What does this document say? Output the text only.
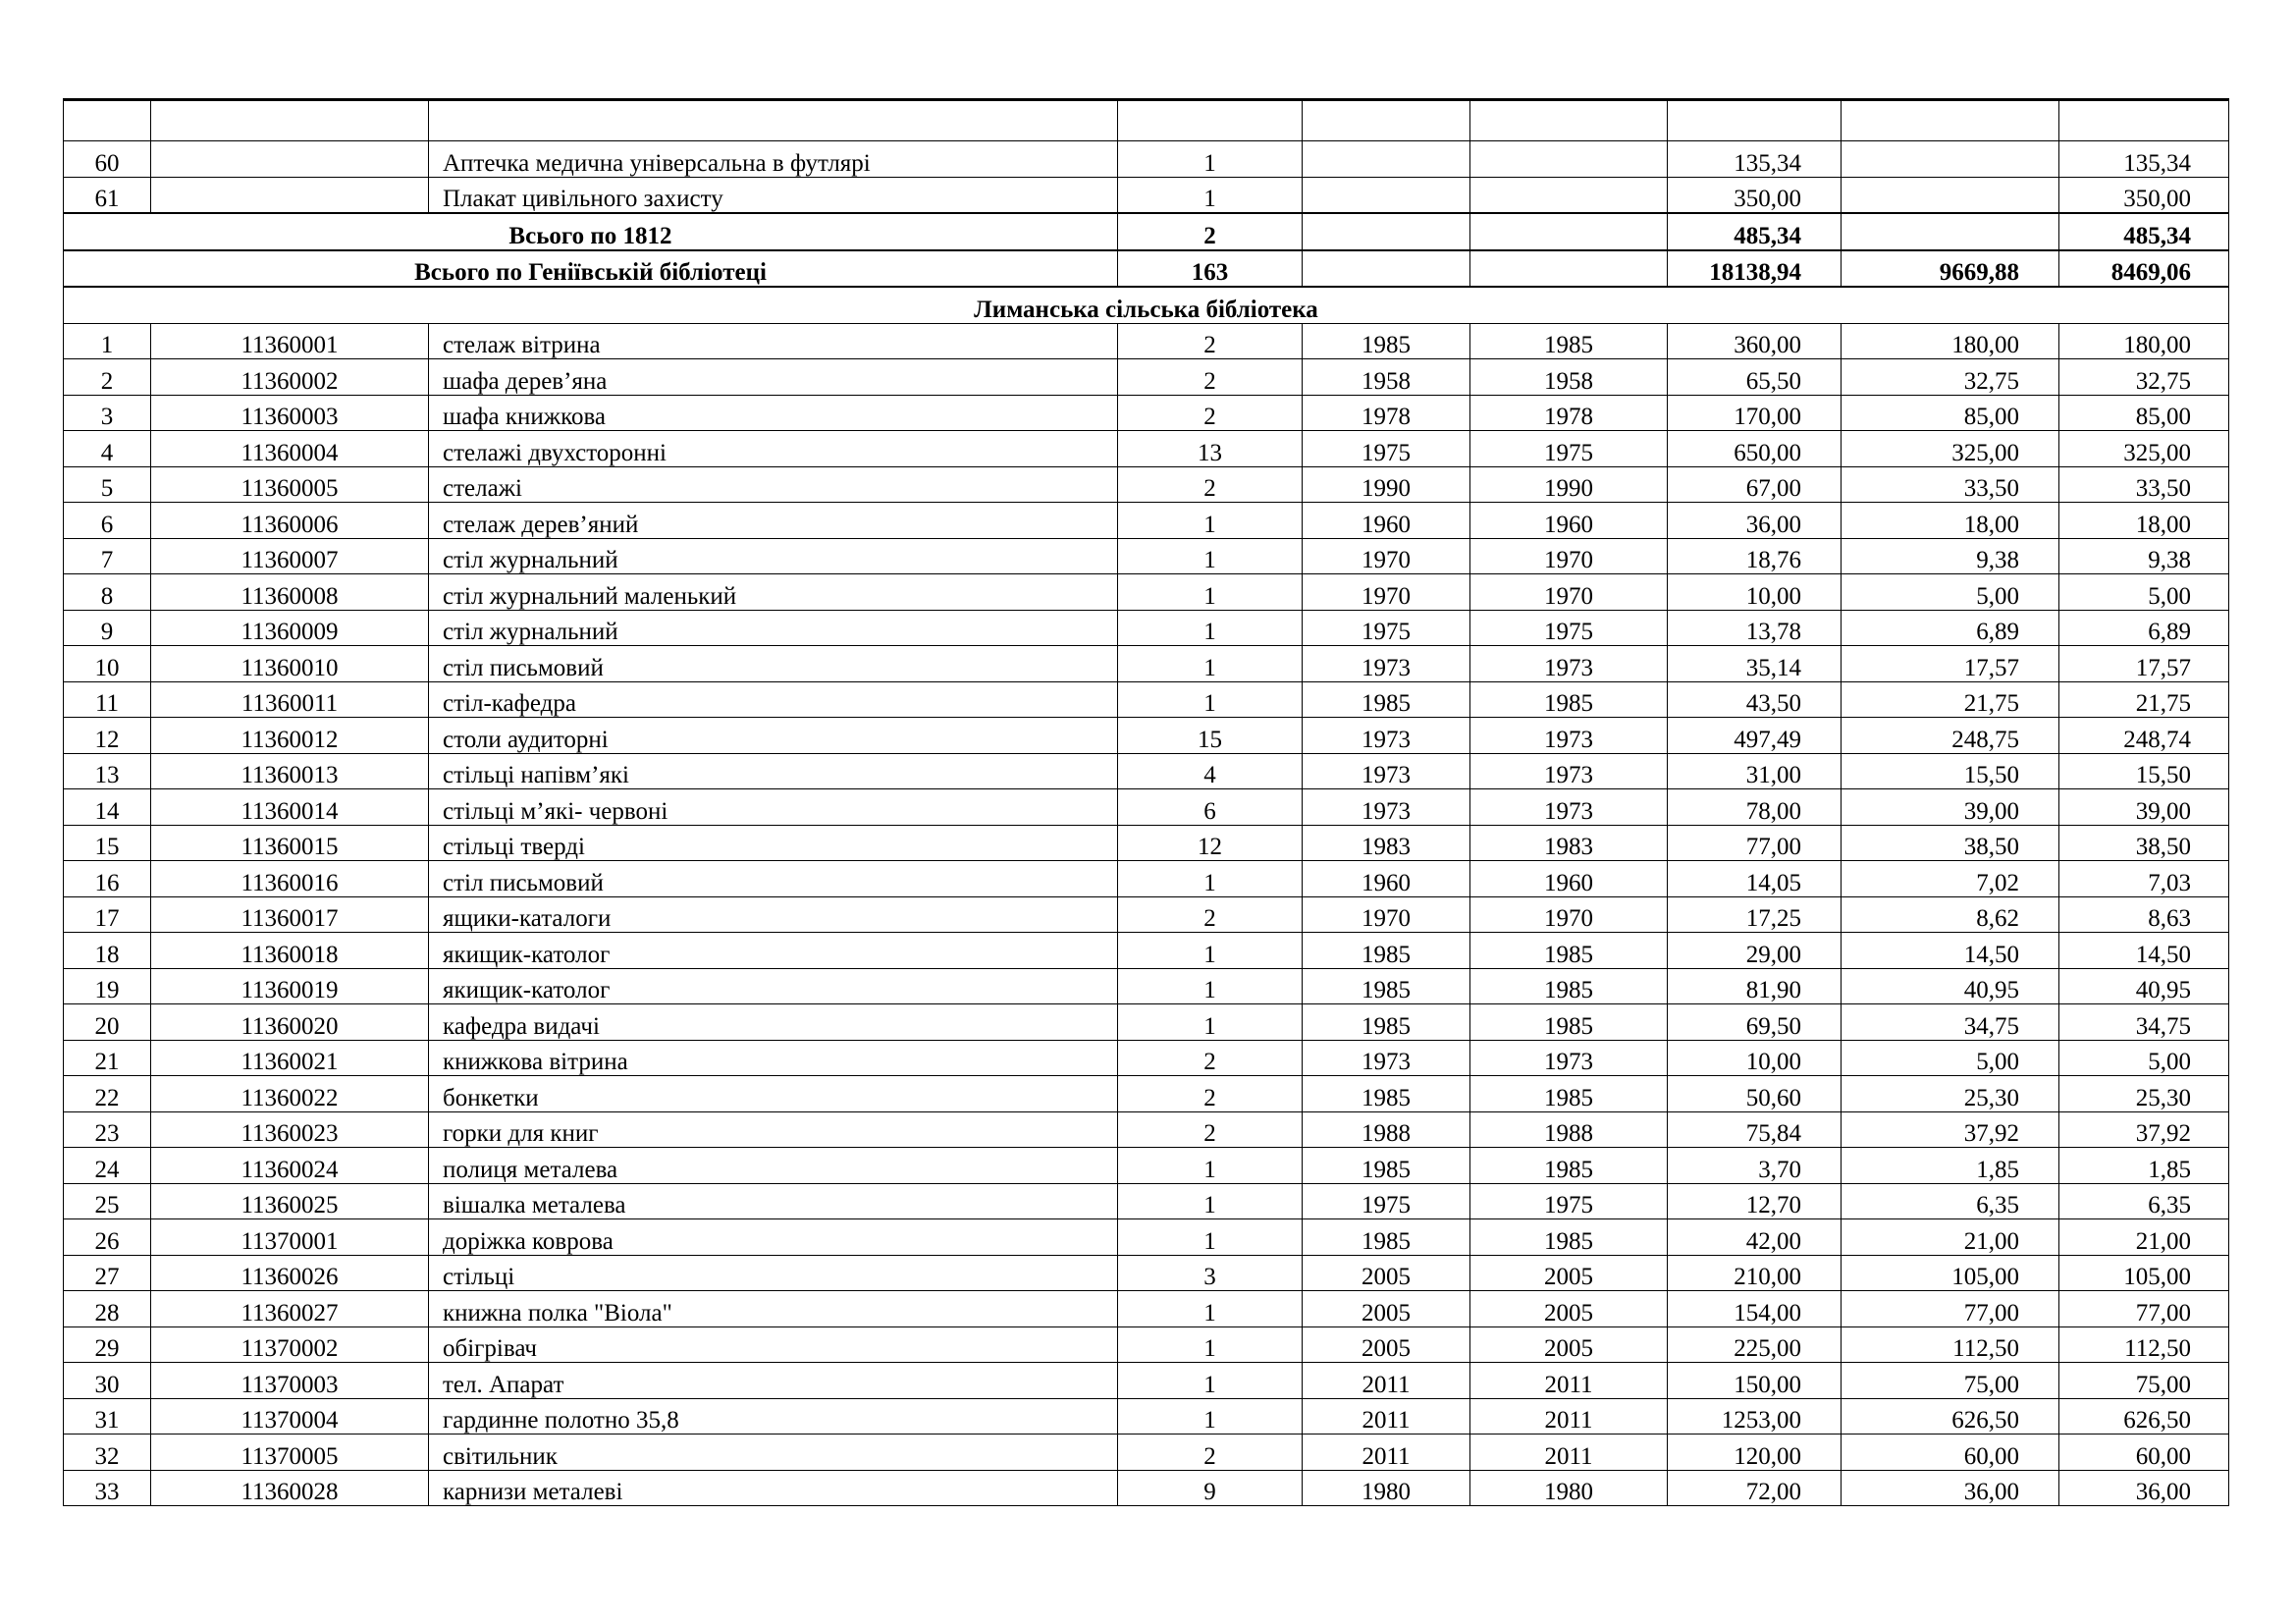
60		Аптечка медична універсальна в футлярі	1			135,34		135,34
61		Плакат цивільного захисту	1			350,00		350,00
Всього по 1812			2			485,34		485,34
Всього по Геніївській бібліотеці			163			18138,94	9669,88	8469,06
Лиманська сільська бібліотека								
1	11360001	стелаж вітрина	2	1985	1985	360,00	180,00	180,00
2	11360002	шафа дерев’яна	2	1958	1958	65,50	32,75	32,75
3	11360003	шафа книжкова	2	1978	1978	170,00	85,00	85,00
4	11360004	стелажі двухсторонні	13	1975	1975	650,00	325,00	325,00
5	11360005	стелажі	2	1990	1990	67,00	33,50	33,50
6	11360006	стелаж дерев’яний	1	1960	1960	36,00	18,00	18,00
7	11360007	стіл журнальний	1	1970	1970	18,76	9,38	9,38
8	11360008	стіл журнальний маленький	1	1970	1970	10,00	5,00	5,00
9	11360009	стіл журнальний	1	1975	1975	13,78	6,89	6,89
10	11360010	стіл письмовий	1	1973	1973	35,14	17,57	17,57
11	11360011	стіл-кафедра	1	1985	1985	43,50	21,75	21,75
12	11360012	столи аудиторні	15	1973	1973	497,49	248,75	248,74
13	11360013	стільці напівм’які	4	1973	1973	31,00	15,50	15,50
14	11360014	стільці м’які- червоні	6	1973	1973	78,00	39,00	39,00
15	11360015	стільці тверді	12	1983	1983	77,00	38,50	38,50
16	11360016	стіл письмовий	1	1960	1960	14,05	7,02	7,03
17	11360017	ящики-каталоги	2	1970	1970	17,25	8,62	8,63
18	11360018	якищик-католог	1	1985	1985	29,00	14,50	14,50
19	11360019	якищик-католог	1	1985	1985	81,90	40,95	40,95
20	11360020	кафедра видачі	1	1985	1985	69,50	34,75	34,75
21	11360021	книжкова вітрина	2	1973	1973	10,00	5,00	5,00
22	11360022	бонкетки	2	1985	1985	50,60	25,30	25,30
23	11360023	горки для книг	2	1988	1988	75,84	37,92	37,92
24	11360024	полиця металева	1	1985	1985	3,70	1,85	1,85
25	11360025	вішалка металева	1	1975	1975	12,70	6,35	6,35
26	11370001	доріжка коврова	1	1985	1985	42,00	21,00	21,00
27	11360026	стільці	3	2005	2005	210,00	105,00	105,00
28	11360027	книжна полка "Віола"	1	2005	2005	154,00	77,00	77,00
29	11370002	обігрівач	1	2005	2005	225,00	112,50	112,50
30	11370003	тел. Апарат	1	2011	2011	150,00	75,00	75,00
31	11370004	гардинне полотно 35,8	1	2011	2011	1253,00	626,50	626,50
32	11370005	світильник	2	2011	2011	120,00	60,00	60,00
33	11360028	карнизи металеві	9	1980	1980	72,00	36,00	36,00
